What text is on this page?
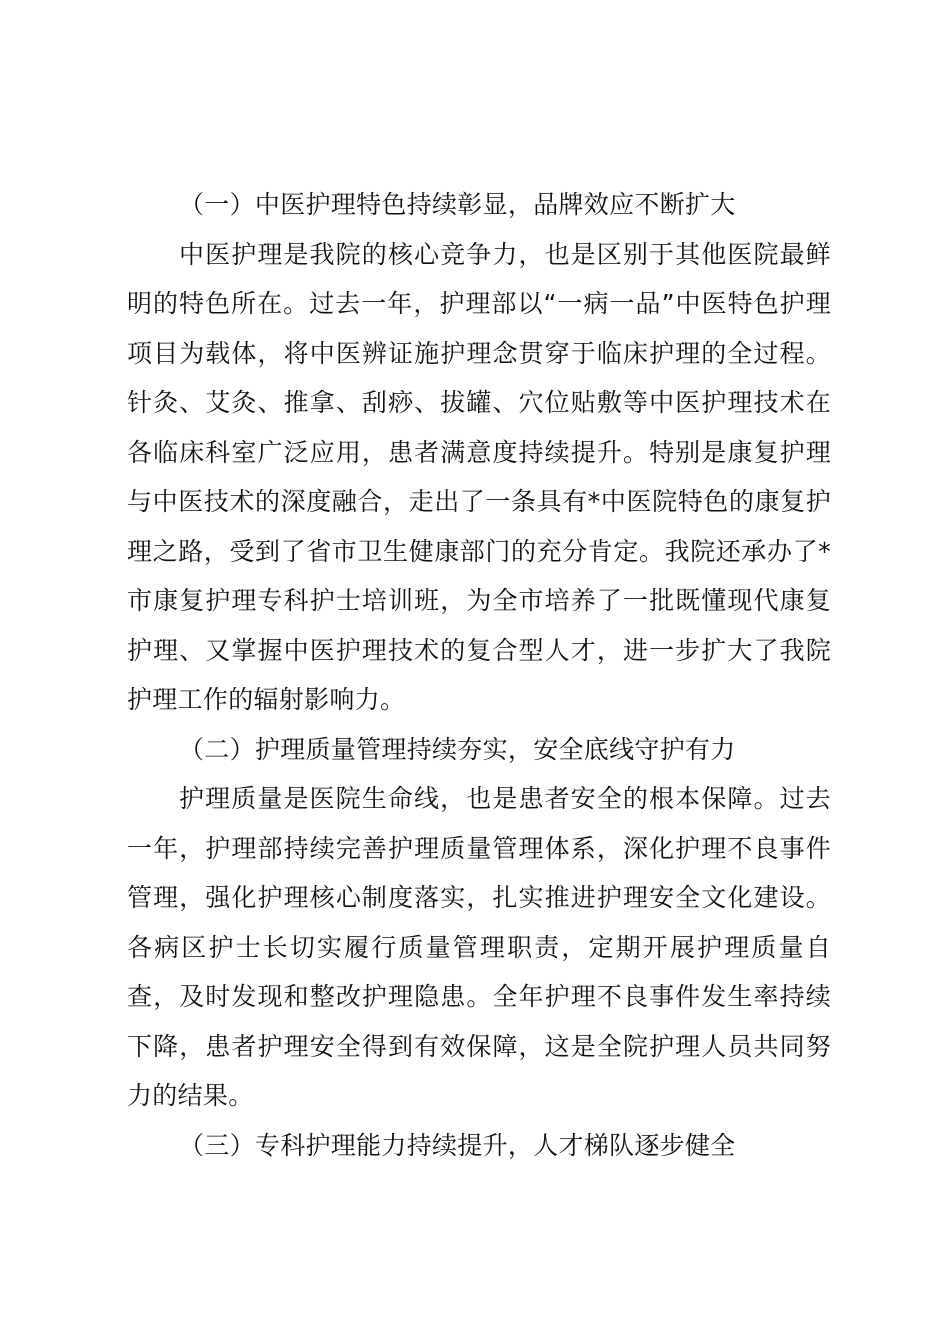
（一）中医护理特色持续彰显，品牌效应不断扩大

中医护理是我院的核心竞争力，也是区别于其他医院最鲜明的特色所在。过去一年，护理部以“一病一品”中医特色护理项目为载体，将中医辨证施护理念贯穿于临床护理的全过程。针灸、艾灸、推拿、刮痧、拔罐、穴位贴敷等中医护理技术在各临床科室广泛应用，患者满意度持续提升。特别是康复护理与中医技术的深度融合，走出了一条具有*中医院特色的康复护理之路，受到了省市卫生健康部门的充分肯定。我院还承办了*市康复护理专科护士培训班，为全市培养了一批既懂现代康复护理、又掌握中医护理技术的复合型人才，进一步扩大了我院护理工作的辐射影响力。

（二）护理质量管理持续夯实，安全底线守护有力

护理质量是医院生命线，也是患者安全的根本保障。过去一年，护理部持续完善护理质量管理体系，深化护理不良事件管理，强化护理核心制度落实，扎实推进护理安全文化建设。各病区护士长切实履行质量管理职责，定期开展护理质量自查，及时发现和整改护理隐患。全年护理不良事件发生率持续下降，患者护理安全得到有效保障，这是全院护理人员共同努力的结果。

（三）专科护理能力持续提升，人才梯队逐步健全
